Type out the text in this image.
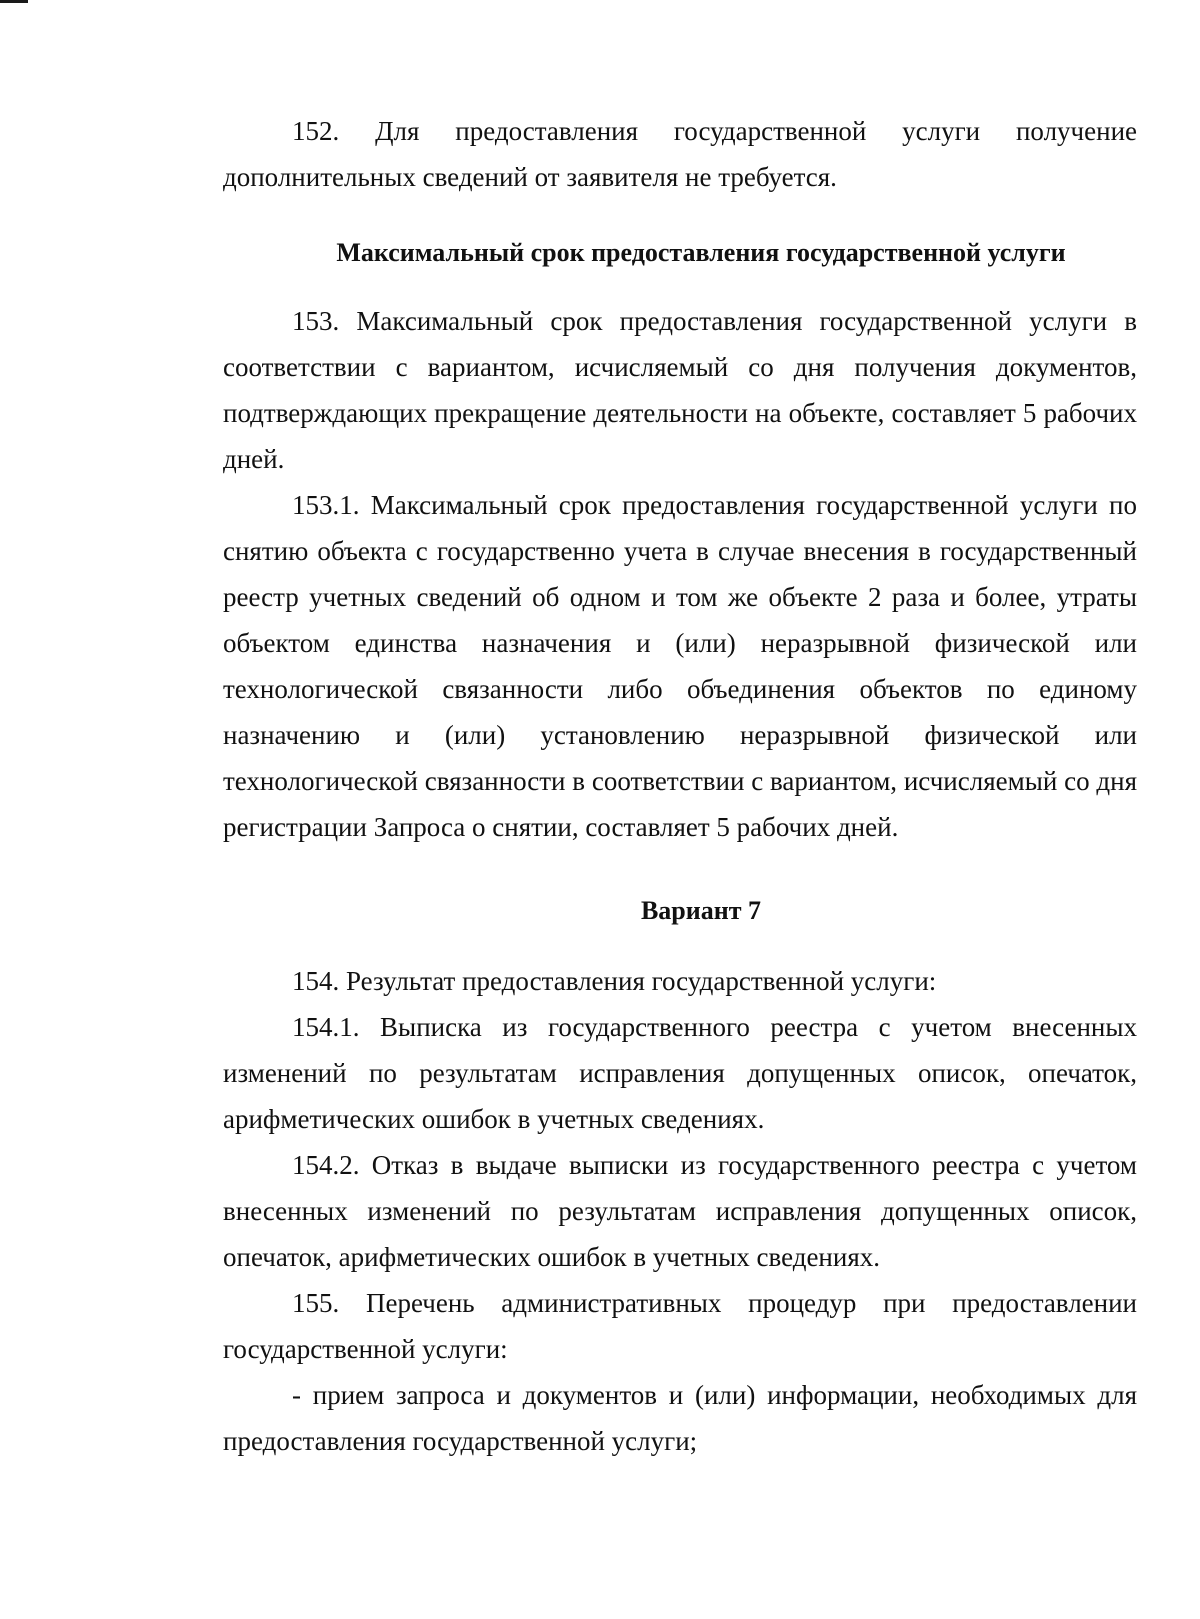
152. Для предоставления государственной услуги получение дополнительных сведений от заявителя не требуется.

Максимальный срок предоставления государственной услуги

153. Максимальный срок предоставления государственной услуги в соответствии с вариантом, исчисляемый со дня получения документов, подтверждающих прекращение деятельности на объекте, составляет 5 рабочих дней.

153.1. Максимальный срок предоставления государственной услуги по снятию объекта с государственно учета в случае внесения в государственный реестр учетных сведений об одном и том же объекте 2 раза и более, утраты объектом единства назначения и (или) неразрывной физической или технологической связанности либо объединения объектов по единому назначению и (или) установлению неразрывной физической или технологической связанности в соответствии с вариантом, исчисляемый со дня регистрации Запроса о снятии, составляет 5 рабочих дней.

Вариант 7

154. Результат предоставления государственной услуги:

154.1. Выписка из государственного реестра с учетом внесенных изменений по результатам исправления допущенных описок, опечаток, арифметических ошибок в учетных сведениях.

154.2. Отказ в выдаче выписки из государственного реестра с учетом внесенных изменений по результатам исправления допущенных описок, опечаток, арифметических ошибок в учетных сведениях.

155. Перечень административных процедур при предоставлении государственной услуги:

- прием запроса и документов и (или) информации, необходимых для предоставления государственной услуги;
